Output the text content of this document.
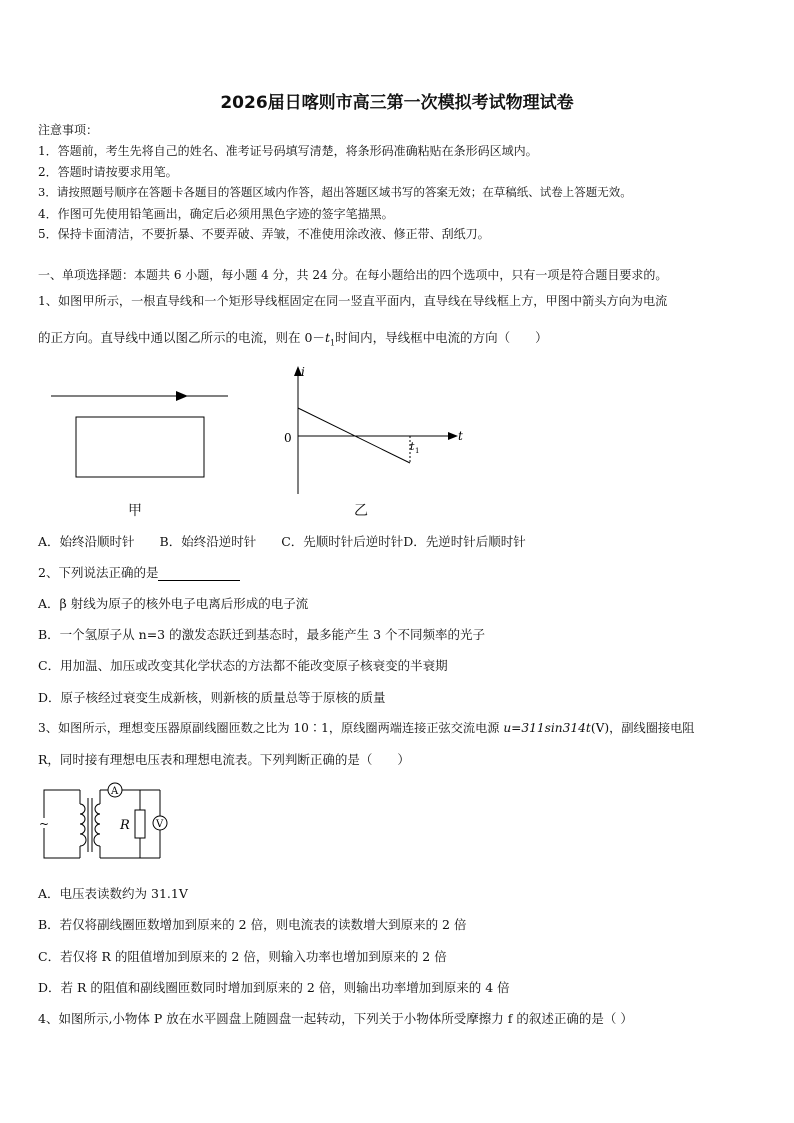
2026届日喀则市高三第一次模拟考试物理试卷
注意事项：
1．答题前，考生先将自己的姓名、准考证号码填写清楚，将条形码准确粘贴在条形码区域内。
2．答题时请按要求用笔。
3．请按照题号顺序在答题卡各题目的答题区域内作答，超出答题区域书写的答案无效；在草稿纸、试卷上答题无效。
4．作图可先使用铅笔画出，确定后必须用黑色字迹的签字笔描黑。
5．保持卡面清洁，不要折暴、不要弄破、弄皱，不准使用涂改液、修正带、刮纸刀。
一、单项选择题：本题共 6 小题，每小题 4 分，共 24 分。在每小题给出的四个选项中，只有一项是符合题目要求的。
1、如图甲所示，一根直导线和一个矩形导线框固定在同一竖直平面内，直导线在导线框上方，甲图中箭头方向为电流
的正方向。直导线中通以图乙所示的电流，则在 $0-t_1$时间内，导线框中电流的方向（　　）
甲
i
t
0
t 1
乙
A．始终沿顺时针　　B．始终沿逆时针　　C．先顺时针后逆时针D．先逆时针后顺时针
2、下列说法正确的是
A．β 射线为原子的核外电子电离后形成的电子流
B．一个氢原子从 n=3 的激发态跃迁到基态时，最多能产生 3 个不同频率的光子
C．用加温、加压或改变其化学状态的方法都不能改变原子核衰变的半衰期
D．原子核经过衰变生成新核，则新核的质量总等于原核的质量
3、如图所示，理想变压器原副线圈匝数之比为 10∶1，原线圈两端连接正弦交流电源 u=311sin314t(V)，副线圈接电阻
R，同时接有理想电压表和理想电流表。下列判断正确的是（　　）
~
A
R	V
A．电压表读数约为 31.1V
B．若仅将副线圈匝数增加到原来的 2 倍，则电流表的读数增大到原来的 2 倍
C．若仅将 R 的阻值增加到原来的 2 倍，则输入功率也增加到原来的 2 倍
D．若 R 的阻值和副线圈匝数同时增加到原来的 2 倍，则输出功率增加到原来的 4 倍
4、如图所示,小物体 P 放在水平圆盘上随圆盘一起转动，下列关于小物体所受摩擦力 f 的叙述正确的是（ ）
